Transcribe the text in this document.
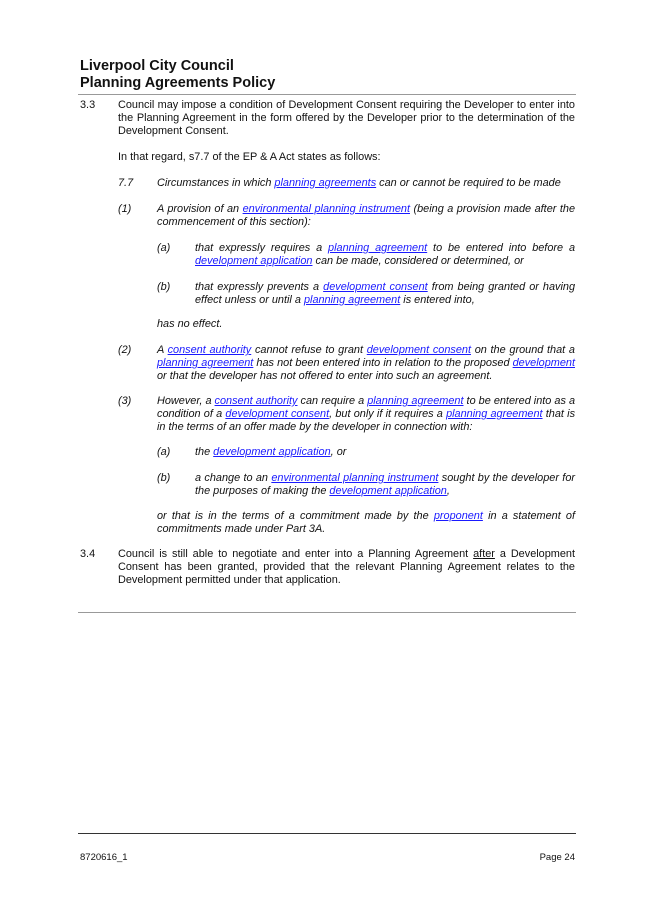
Liverpool City Council
Planning Agreements Policy
3.3 Council may impose a condition of Development Consent requiring the Developer to enter into the Planning Agreement in the form offered by the Developer prior to the determination of the Development Consent.
In that regard, s7.7 of the EP & A Act states as follows:
7.7 Circumstances in which planning agreements can or cannot be required to be made
(1) A provision of an environmental planning instrument (being a provision made after the commencement of this section):
(a) that expressly requires a planning agreement to be entered into before a development application can be made, considered or determined, or
(b) that expressly prevents a development consent from being granted or having effect unless or until a planning agreement is entered into,
has no effect.
(2) A consent authority cannot refuse to grant development consent on the ground that a planning agreement has not been entered into in relation to the proposed development or that the developer has not offered to enter into such an agreement.
(3) However, a consent authority can require a planning agreement to be entered into as a condition of a development consent, but only if it requires a planning agreement that is in the terms of an offer made by the developer in connection with:
(a) the development application, or
(b) a change to an environmental planning instrument sought by the developer for the purposes of making the development application,
or that is in the terms of a commitment made by the proponent in a statement of commitments made under Part 3A.
3.4 Council is still able to negotiate and enter into a Planning Agreement after a Development Consent has been granted, provided that the relevant Planning Agreement relates to the Development permitted under that application.
8720616_1	Page 24
